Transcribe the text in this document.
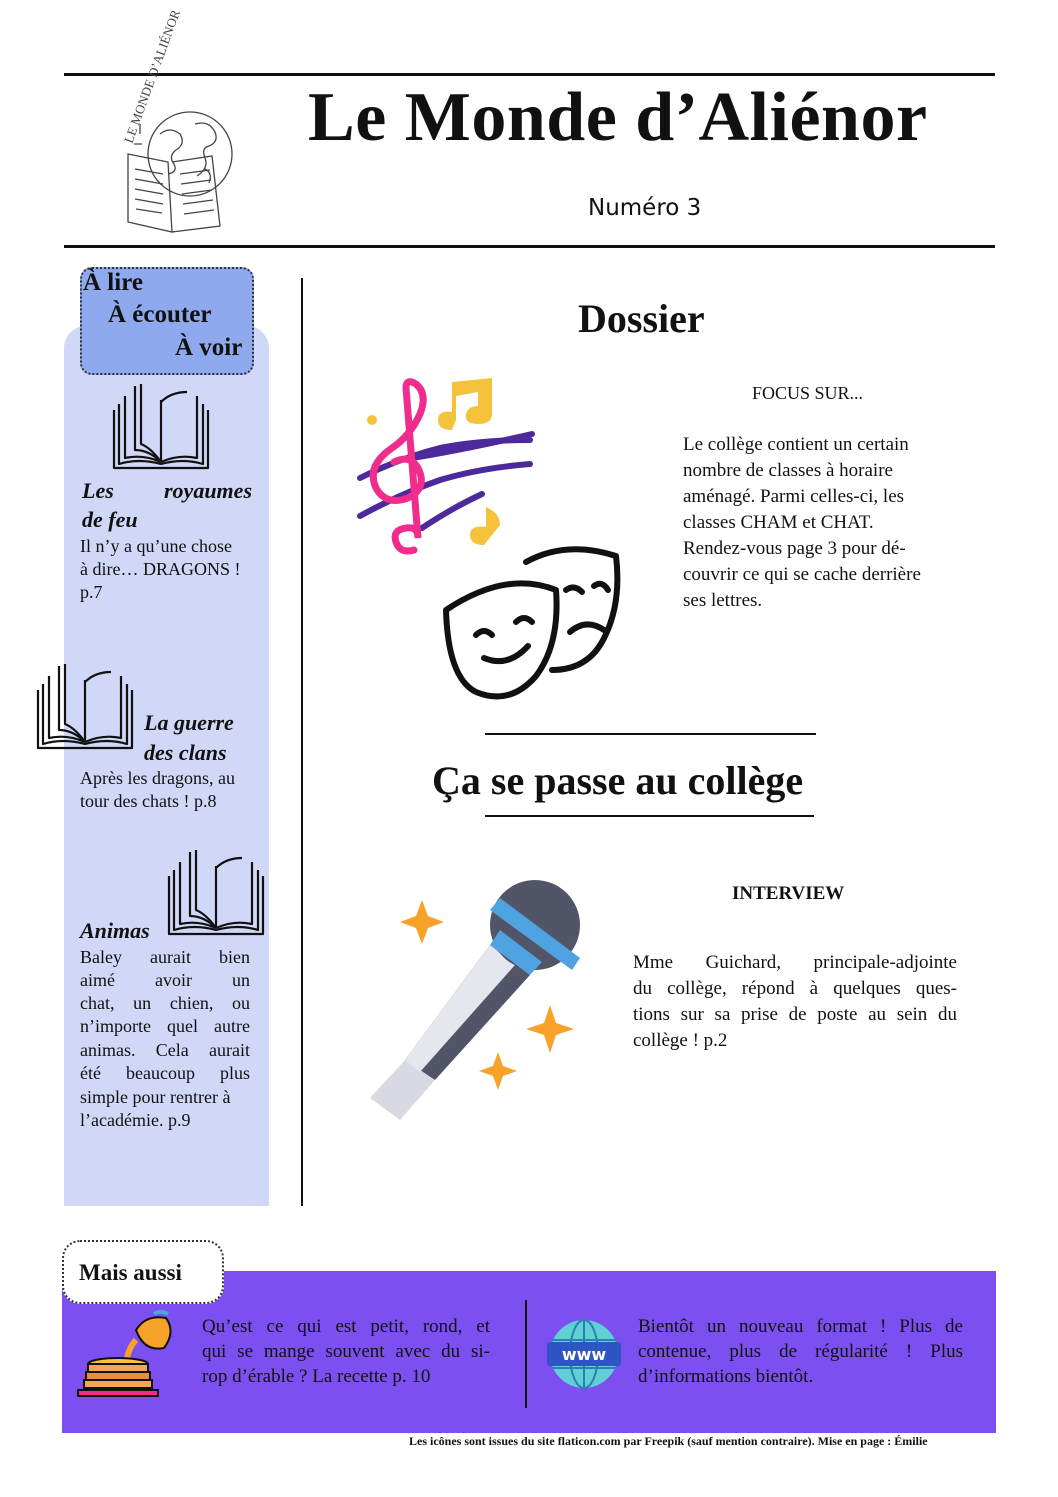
LE MONDE D’ALIÉNOR Le Monde d’Aliénor
Numéro 3
À lire
À écouter
À voir
Les royaumes
de feu
Il n’y a qu’une chose
à dire… DRAGONS !
p.7
La guerre
des clans
Après les dragons, au
tour des chats ! p.8
Animas
Baley aurait bien
aimé avoir un
chat, un chien, ou
n’importe quel autre
animas. Cela aurait
été beaucoup plus
simple pour rentrer à
l’académie. p.9
Dossier
FOCUS SUR...
Le collège contient un certain
nombre de classes à horaire
aménagé. Parmi celles-ci, les
classes CHAM et CHAT.
Rendez-vous page 3 pour dé-
couvrir ce qui se cache derrière
ses lettres.
Ça se passe au collège
INTERVIEW
Mme Guichard, principale-adjointe
du collège, répond à quelques ques-
tions sur sa prise de poste au sein du
collège ! p.2
Mais aussi
Qu’est ce qui est petit, rond, et
qui se mange souvent avec du si-
rop d’érable ? La recette p. 10
www
Bientôt un nouveau format ! Plus de
contenue, plus de régularité ! Plus
d’informations bientôt.
Les icônes sont issues du site flaticon.com par Freepik (sauf mention contraire). Mise en page : Émilie
